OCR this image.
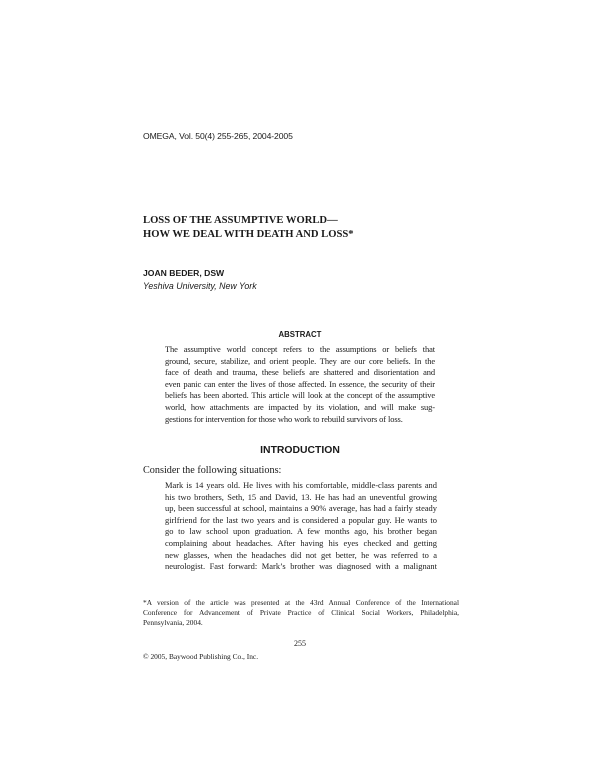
OMEGA, Vol. 50(4) 255-265, 2004-2005
LOSS OF THE ASSUMPTIVE WORLD—
HOW WE DEAL WITH DEATH AND LOSS*
JOAN BEDER, DSW
Yeshiva University, New York
ABSTRACT
The assumptive world concept refers to the assumptions or beliefs that
ground, secure, stabilize, and orient people. They are our core beliefs. In the
face of death and trauma, these beliefs are shattered and disorientation and
even panic can enter the lives of those affected. In essence, the security of their
beliefs has been aborted. This article will look at the concept of the assumptive
world, how attachments are impacted by its violation, and will make sug-
gestions for intervention for those who work to rebuild survivors of loss.
INTRODUCTION
Consider the following situations:
Mark is 14 years old. He lives with his comfortable, middle-class parents and
his two brothers, Seth, 15 and David, 13. He has had an uneventful growing
up, been successful at school, maintains a 90% average, has had a fairly steady
girlfriend for the last two years and is considered a popular guy. He wants to
go to law school upon graduation. A few months ago, his brother began
complaining about headaches. After having his eyes checked and getting
new glasses, when the headaches did not get better, he was referred to a
neurologist. Fast forward: Mark’s brother was diagnosed with a malignant
*A version of the article was presented at the 43rd Annual Conference of the International
Conference for Advancement of Private Practice of Clinical Social Workers, Philadelphia,
Pennsylvania, 2004.
255
© 2005, Baywood Publishing Co., Inc.
